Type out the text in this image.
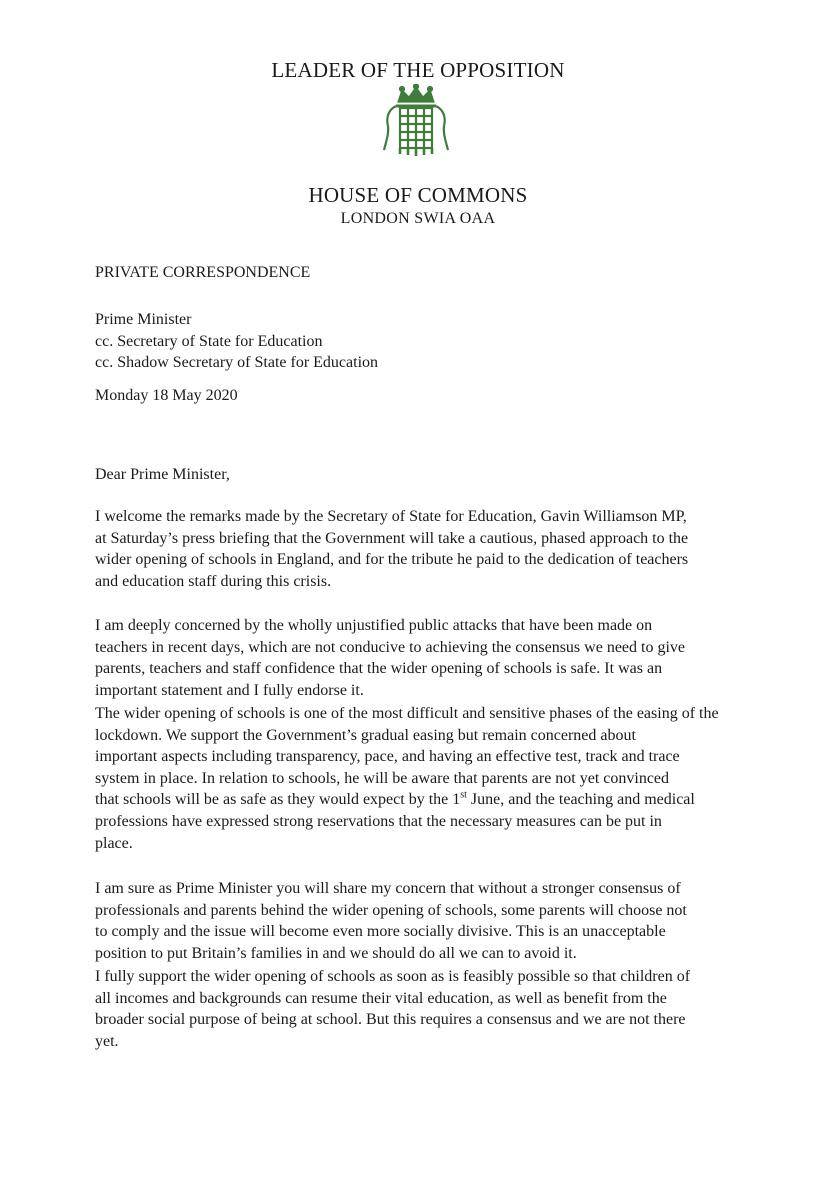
LEADER OF THE OPPOSITION
HOUSE OF COMMONS
LONDON SWIA OAA
PRIVATE CORRESPONDENCE
Prime Minister
cc. Secretary of State for Education
cc. Shadow Secretary of State for Education
Monday 18 May 2020
Dear Prime Minister,
I welcome the remarks made by the Secretary of State for Education, Gavin Williamson MP,
at Saturday’s press briefing that the Government will take a cautious, phased approach to the
wider opening of schools in England, and for the tribute he paid to the dedication of teachers
and education staff during this crisis.
I am deeply concerned by the wholly unjustified public attacks that have been made on
teachers in recent days, which are not conducive to achieving the consensus we need to give
parents, teachers and staff confidence that the wider opening of schools is safe. It was an
important statement and I fully endorse it.
The wider opening of schools is one of the most difficult and sensitive phases of the easing of the
lockdown. We support the Government’s gradual easing but remain concerned about
important aspects including transparency, pace, and having an effective test, track and trace
system in place. In relation to schools, he will be aware that parents are not yet convinced
that schools will be as safe as they would expect by the 1st June, and the teaching and medical
professions have expressed strong reservations that the necessary measures can be put in
place.
I am sure as Prime Minister you will share my concern that without a stronger consensus of
professionals and parents behind the wider opening of schools, some parents will choose not
to comply and the issue will become even more socially divisive. This is an unacceptable
position to put Britain’s families in and we should do all we can to avoid it.
I fully support the wider opening of schools as soon as is feasibly possible so that children of
all incomes and backgrounds can resume their vital education, as well as benefit from the
broader social purpose of being at school. But this requires a consensus and we are not there
yet.
